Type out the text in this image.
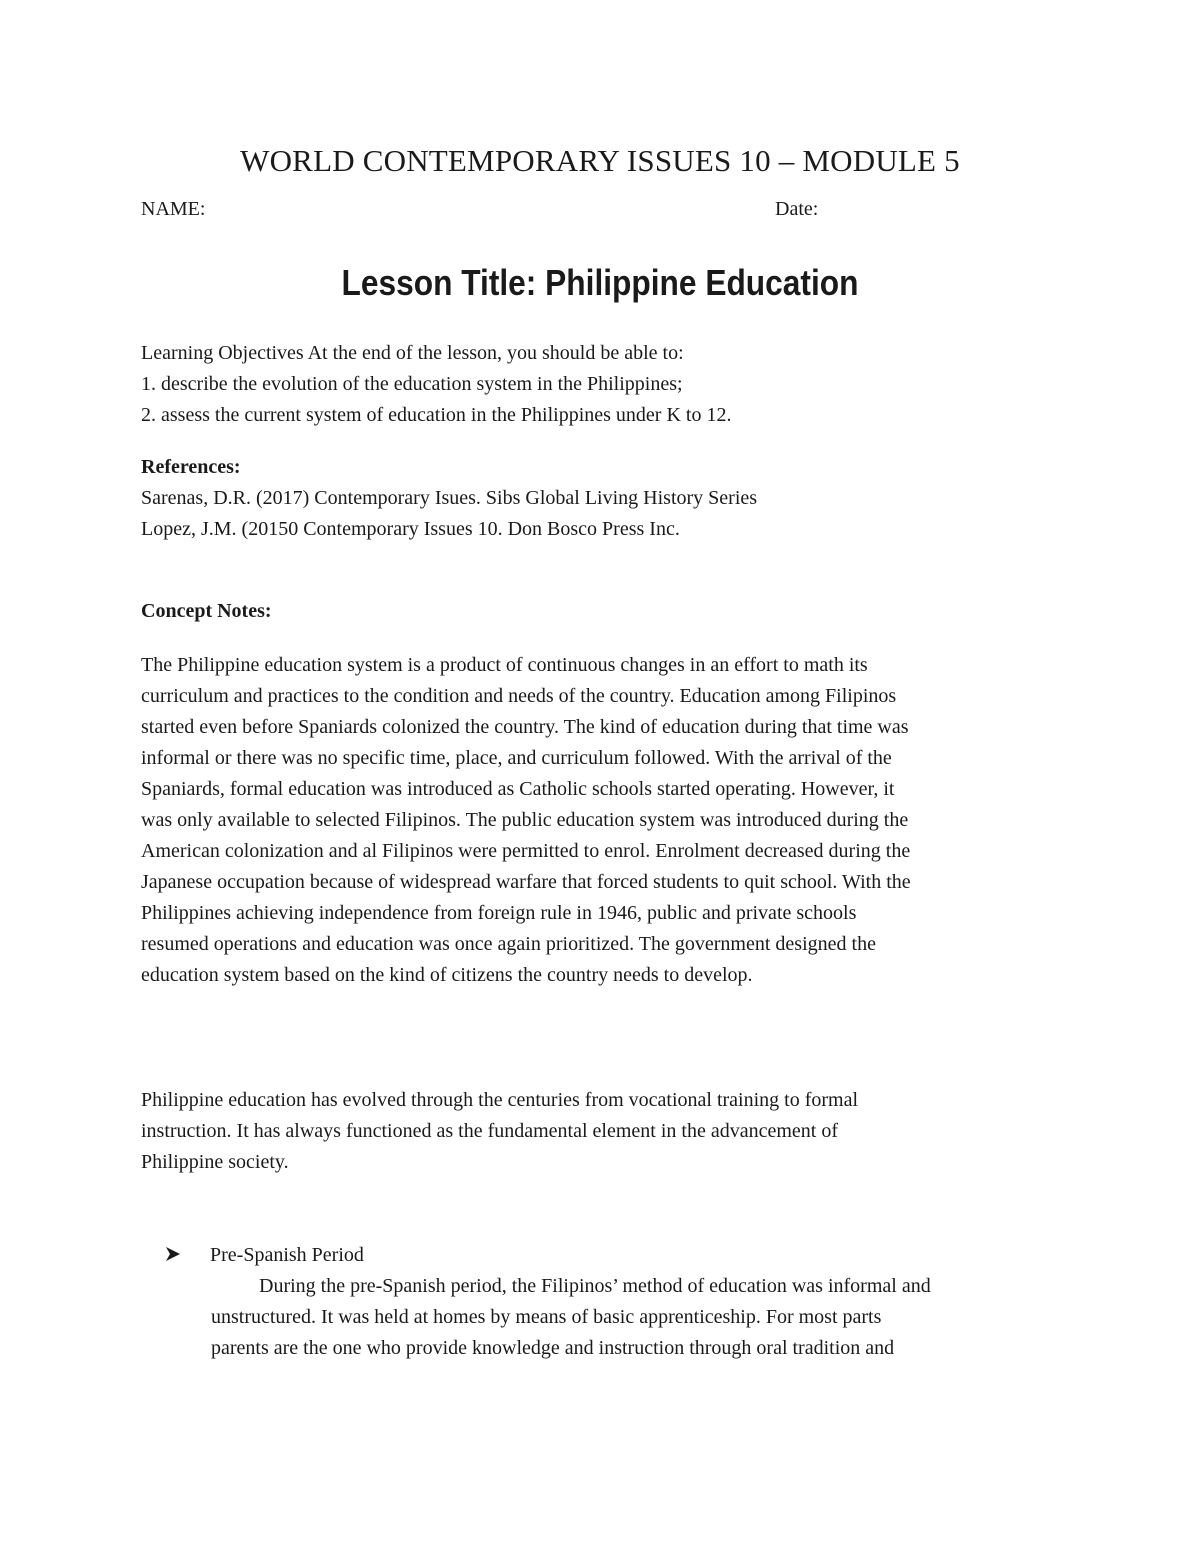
WORLD CONTEMPORARY ISSUES 10 – MODULE 5
NAME:	Date:
Lesson Title: Philippine Education
Learning Objectives At the end of the lesson, you should be able to:
1. describe the evolution of the education system in the Philippines;
2. assess the current system of education in the Philippines under K to 12.
References:
Sarenas, D.R. (2017) Contemporary Isues. Sibs Global Living History Series
Lopez, J.M. (20150 Contemporary Issues 10. Don Bosco Press Inc.
Concept Notes:
The Philippine education system is a product of continuous changes in an effort to math its
curriculum and practices to the condition and needs of the country. Education among Filipinos
started even before Spaniards colonized the country. The kind of education during that time was
informal or there was no specific time, place, and curriculum followed. With the arrival of the
Spaniards, formal education was introduced as Catholic schools started operating. However, it
was only available to selected Filipinos. The public education system was introduced during the
American colonization and al Filipinos were permitted to enrol. Enrolment decreased during the
Japanese occupation because of widespread warfare that forced students to quit school. With the
Philippines achieving independence from foreign rule in 1946, public and private schools
resumed operations and education was once again prioritized. The government designed the
education system based on the kind of citizens the country needs to develop.
Philippine education has evolved through the centuries from vocational training to formal
instruction. It has always functioned as the fundamental element in the advancement of
Philippine society.
Pre-Spanish Period
During the pre-Spanish period, the Filipinos’ method of education was informal and
unstructured. It was held at homes by means of basic apprenticeship. For most parts
parents are the one who provide knowledge and instruction through oral tradition and
